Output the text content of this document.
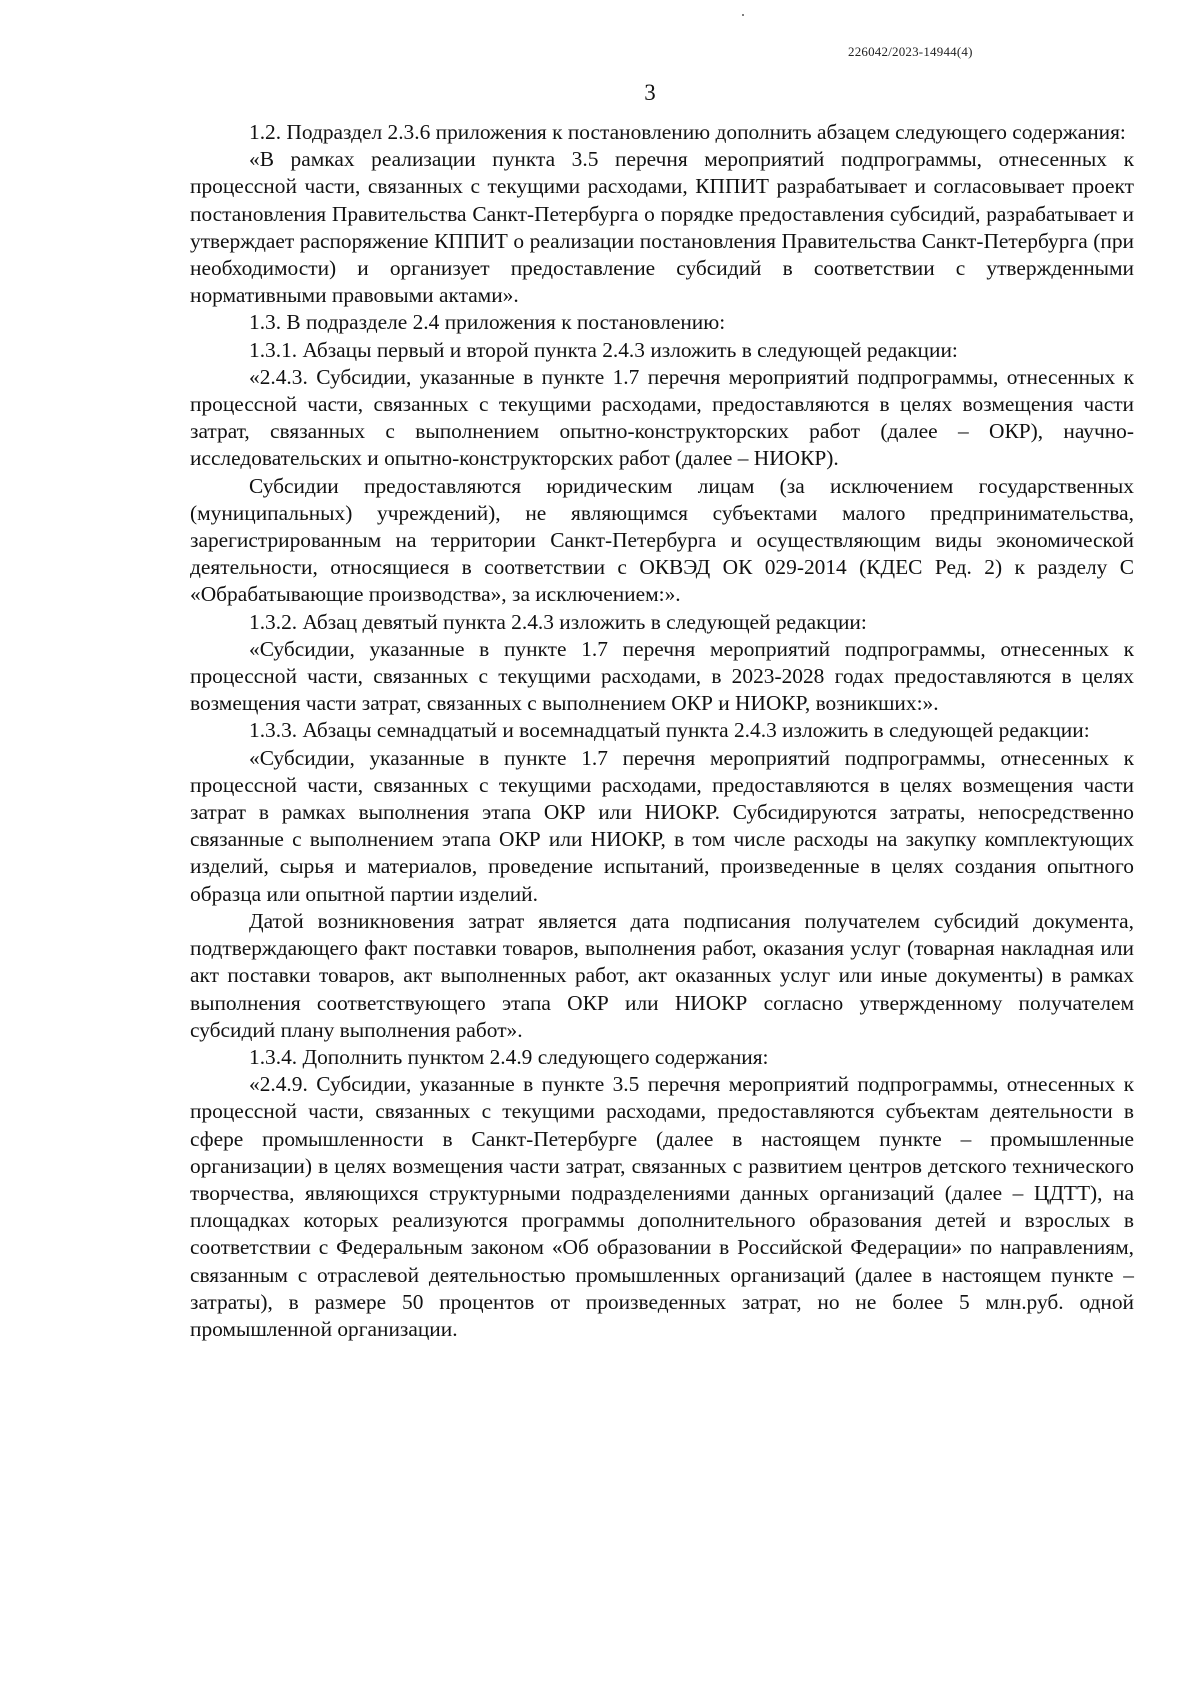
226042/2023-14944(4)
3

1.2. Подраздел 2.3.6 приложения к постановлению дополнить абзацем следующего содержания:

«В рамках реализации пункта 3.5 перечня мероприятий подпрограммы, отнесенных к процессной части, связанных с текущими расходами, КППИТ разрабатывает и согласовывает проект постановления Правительства Санкт-Петербурга о порядке предоставления субсидий, разрабатывает и утверждает распоряжение КППИТ о реализации постановления Правительства Санкт-Петербурга (при необходимости) и организует предоставление субсидий в соответствии с утвержденными нормативными правовыми актами».

1.3. В подразделе 2.4 приложения к постановлению:

1.3.1. Абзацы первый и второй пункта 2.4.3 изложить в следующей редакции:

«2.4.3. Субсидии, указанные в пункте 1.7 перечня мероприятий подпрограммы, отнесенных к процессной части, связанных с текущими расходами, предоставляются в целях возмещения части затрат, связанных с выполнением опытно-конструкторских работ (далее – ОКР), научно-исследовательских и опытно-конструкторских работ (далее – НИОКР).

Субсидии предоставляются юридическим лицам (за исключением государственных (муниципальных) учреждений), не являющимся субъектами малого предпринимательства, зарегистрированным на территории Санкт-Петербурга и осуществляющим виды экономической деятельности, относящиеся в соответствии с ОКВЭД ОК 029-2014 (КДЕС Ред. 2) к разделу С «Обрабатывающие производства», за исключением:».

1.3.2. Абзац девятый пункта 2.4.3 изложить в следующей редакции:

«Субсидии, указанные в пункте 1.7 перечня мероприятий подпрограммы, отнесенных к процессной части, связанных с текущими расходами, в 2023-2028 годах предоставляются в целях возмещения части затрат, связанных с выполнением ОКР и НИОКР, возникших:».

1.3.3. Абзацы семнадцатый и восемнадцатый пункта 2.4.3 изложить в следующей редакции:

«Субсидии, указанные в пункте 1.7 перечня мероприятий подпрограммы, отнесенных к процессной части, связанных с текущими расходами, предоставляются в целях возмещения части затрат в рамках выполнения этапа ОКР или НИОКР. Субсидируются затраты, непосредственно связанные с выполнением этапа ОКР или НИОКР, в том числе расходы на закупку комплектующих изделий, сырья и материалов, проведение испытаний, произведенные в целях создания опытного образца или опытной партии изделий.

Датой возникновения затрат является дата подписания получателем субсидий документа, подтверждающего факт поставки товаров, выполнения работ, оказания услуг (товарная накладная или акт поставки товаров, акт выполненных работ, акт оказанных услуг или иные документы) в рамках выполнения соответствующего этапа ОКР или НИОКР согласно утвержденному получателем субсидий плану выполнения работ».

1.3.4. Дополнить пунктом 2.4.9 следующего содержания:

«2.4.9. Субсидии, указанные в пункте 3.5 перечня мероприятий подпрограммы, отнесенных к процессной части, связанных с текущими расходами, предоставляются субъектам деятельности в сфере промышленности в Санкт-Петербурге (далее в настоящем пункте – промышленные организации) в целях возмещения части затрат, связанных с развитием центров детского технического творчества, являющихся структурными подразделениями данных организаций (далее – ЦДТТ), на площадках которых реализуются программы дополнительного образования детей и взрослых в соответствии с Федеральным законом «Об образовании в Российской Федерации» по направлениям, связанным с отраслевой деятельностью промышленных организаций (далее в настоящем пункте – затраты), в размере 50 процентов от произведенных затрат, но не более 5 млн.руб. одной промышленной организации.
